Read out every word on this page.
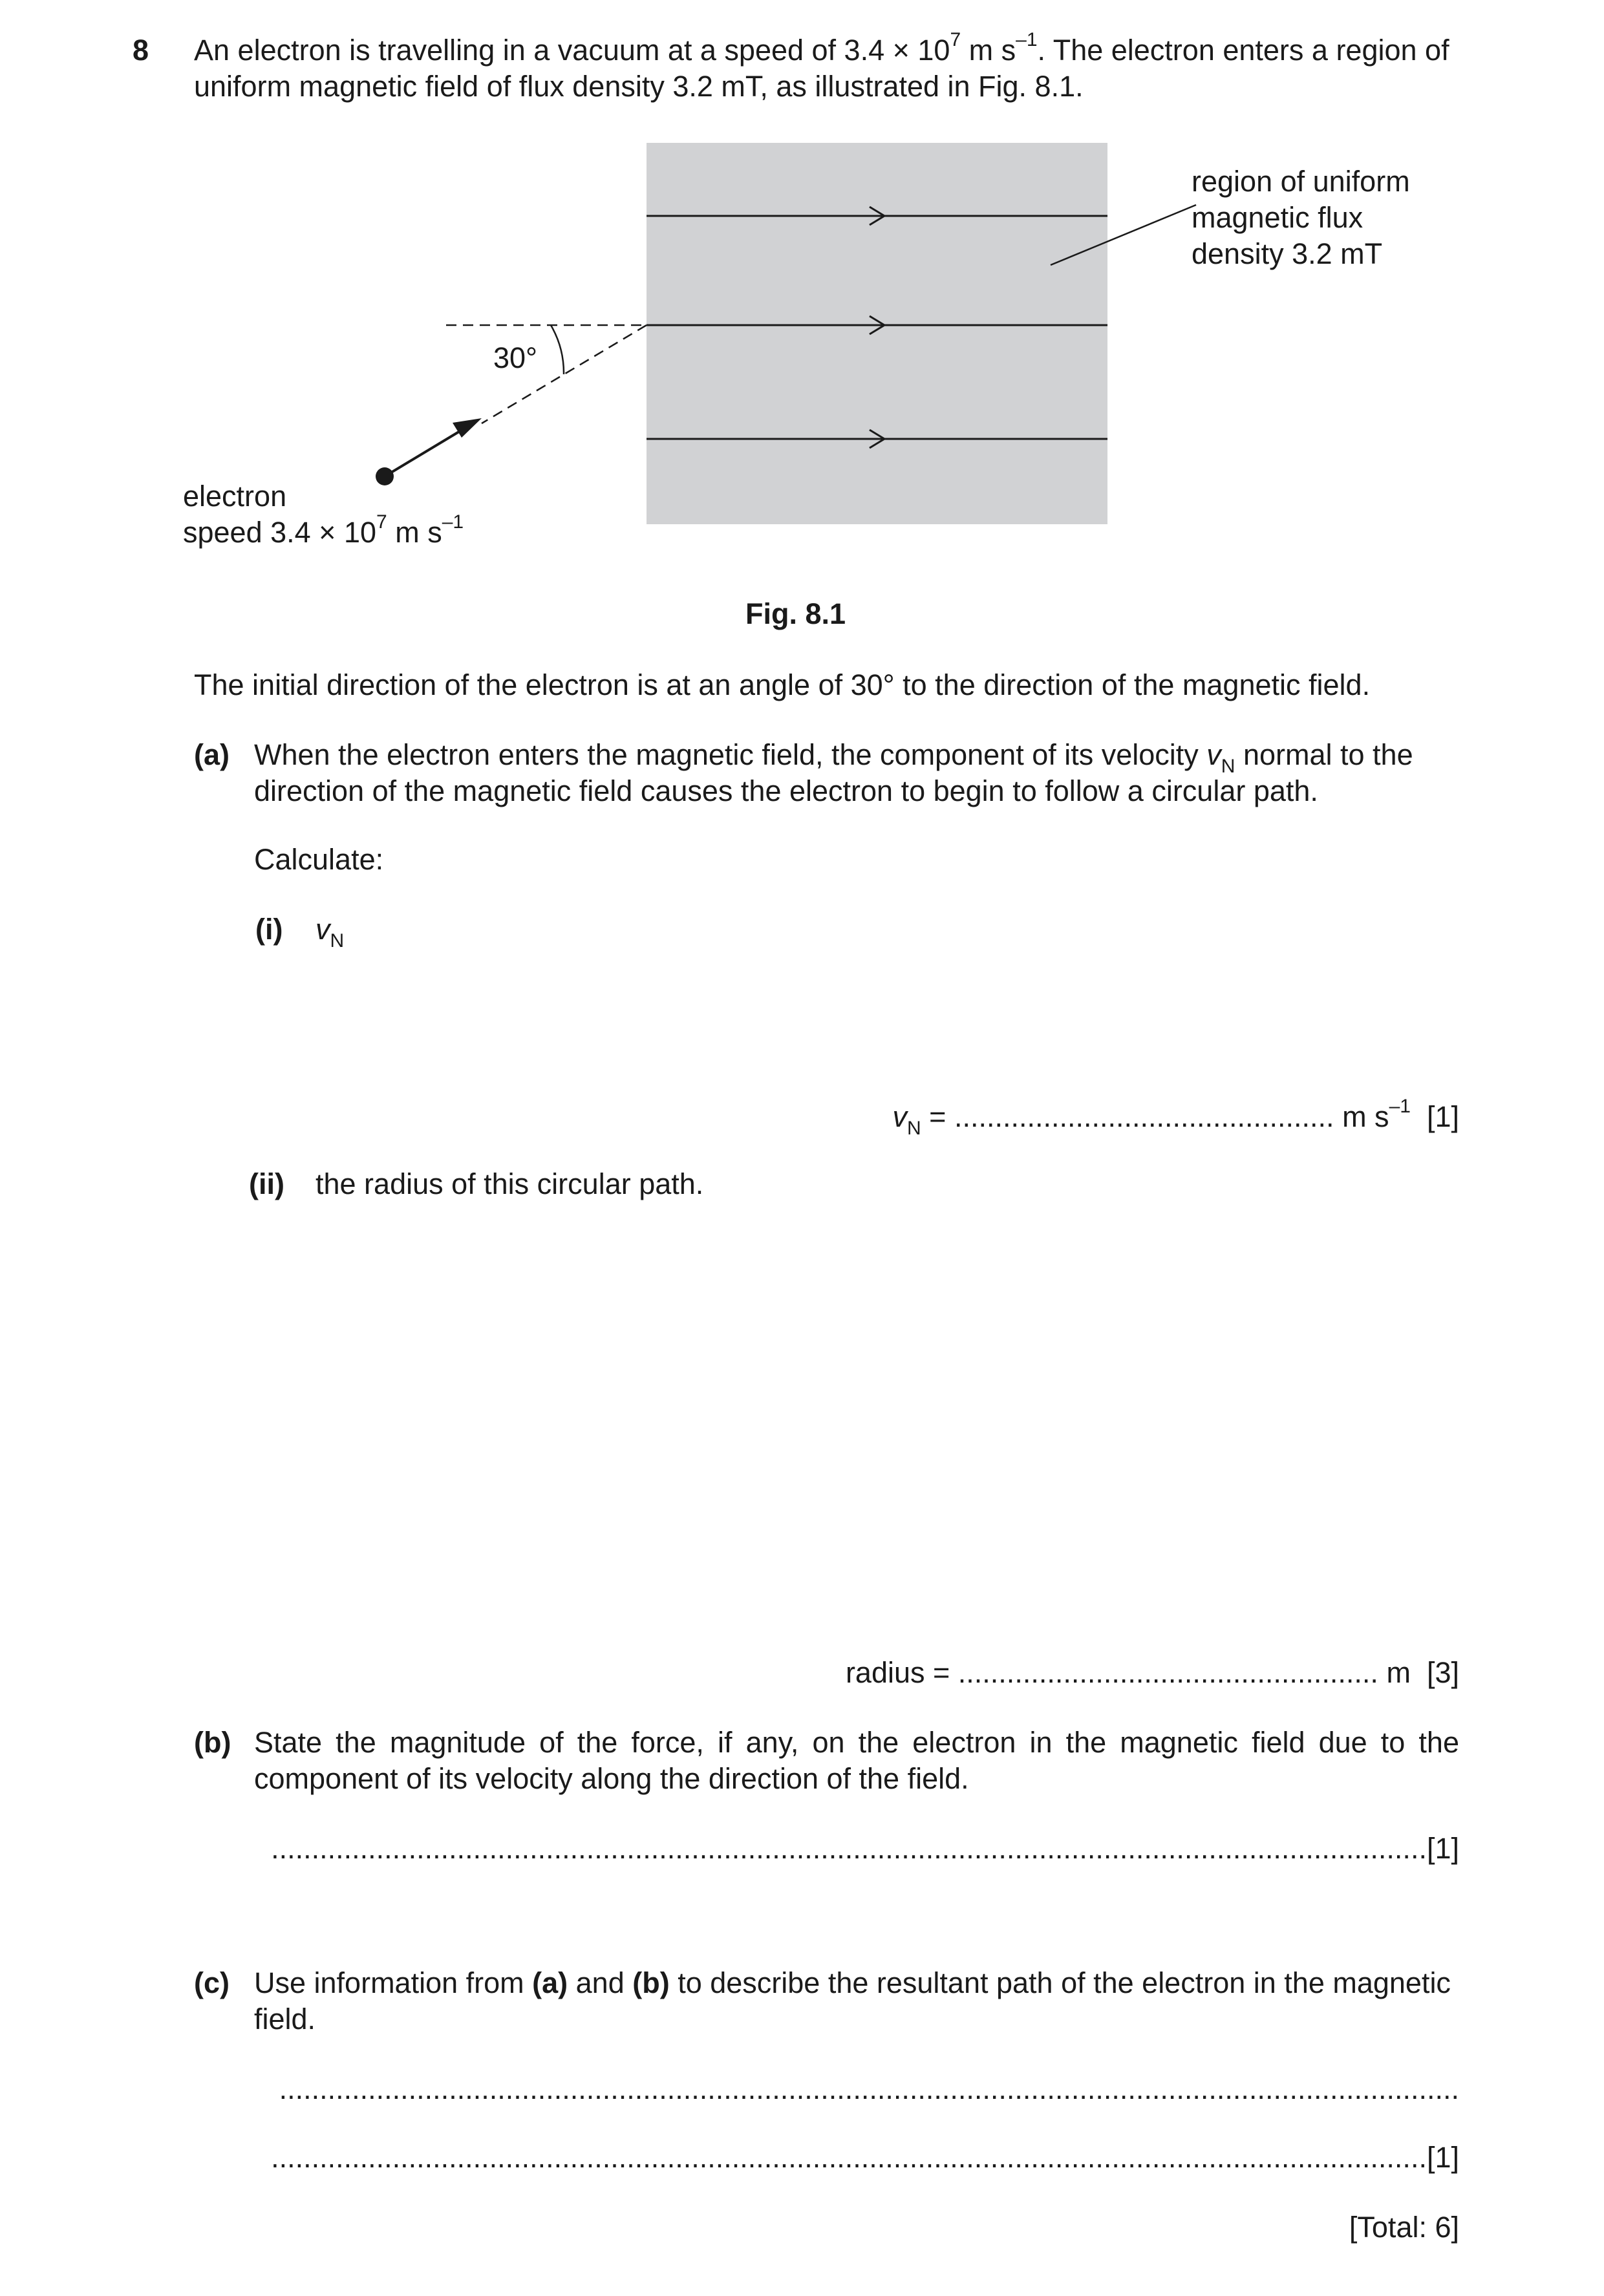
8 An electron is travelling in a vacuum at a speed of $3.4 \times 10^7$ m $s^{-1}$. The electron enters a region of
uniform magnetic field of flux density 3.2 mT, as illustrated in Fig. 8.1.
region of uniform
magnetic flux
density 3.2 mT
30°
electron
speed $3.4 \times 10^7$ m $s^{-1}$
Fig. 8.1
The initial direction of the electron is at an angle of 30° to the direction of the magnetic field.
(a) When the electron enters the magnetic field, the component of its velocity $v_N$ normal to the
direction of the magnetic field causes the electron to begin to follow a circular path.
Calculate:
(i) $v_N$
$v_N$ = ............................................... m $s^{-1}$ [1]
(ii) the radius of this circular path.
radius = .................................................... m [3]
(b) State the magnitude of the force, if any, on the electron in the magnetic field due to the
component of its velocity along the direction of the field.
...............................................................................................................................................[1]
(c) Use information from (a) and (b) to describe the resultant path of the electron in the magnetic
field.
..................................................................................................................................................
...............................................................................................................................................[1]
[Total: 6]
